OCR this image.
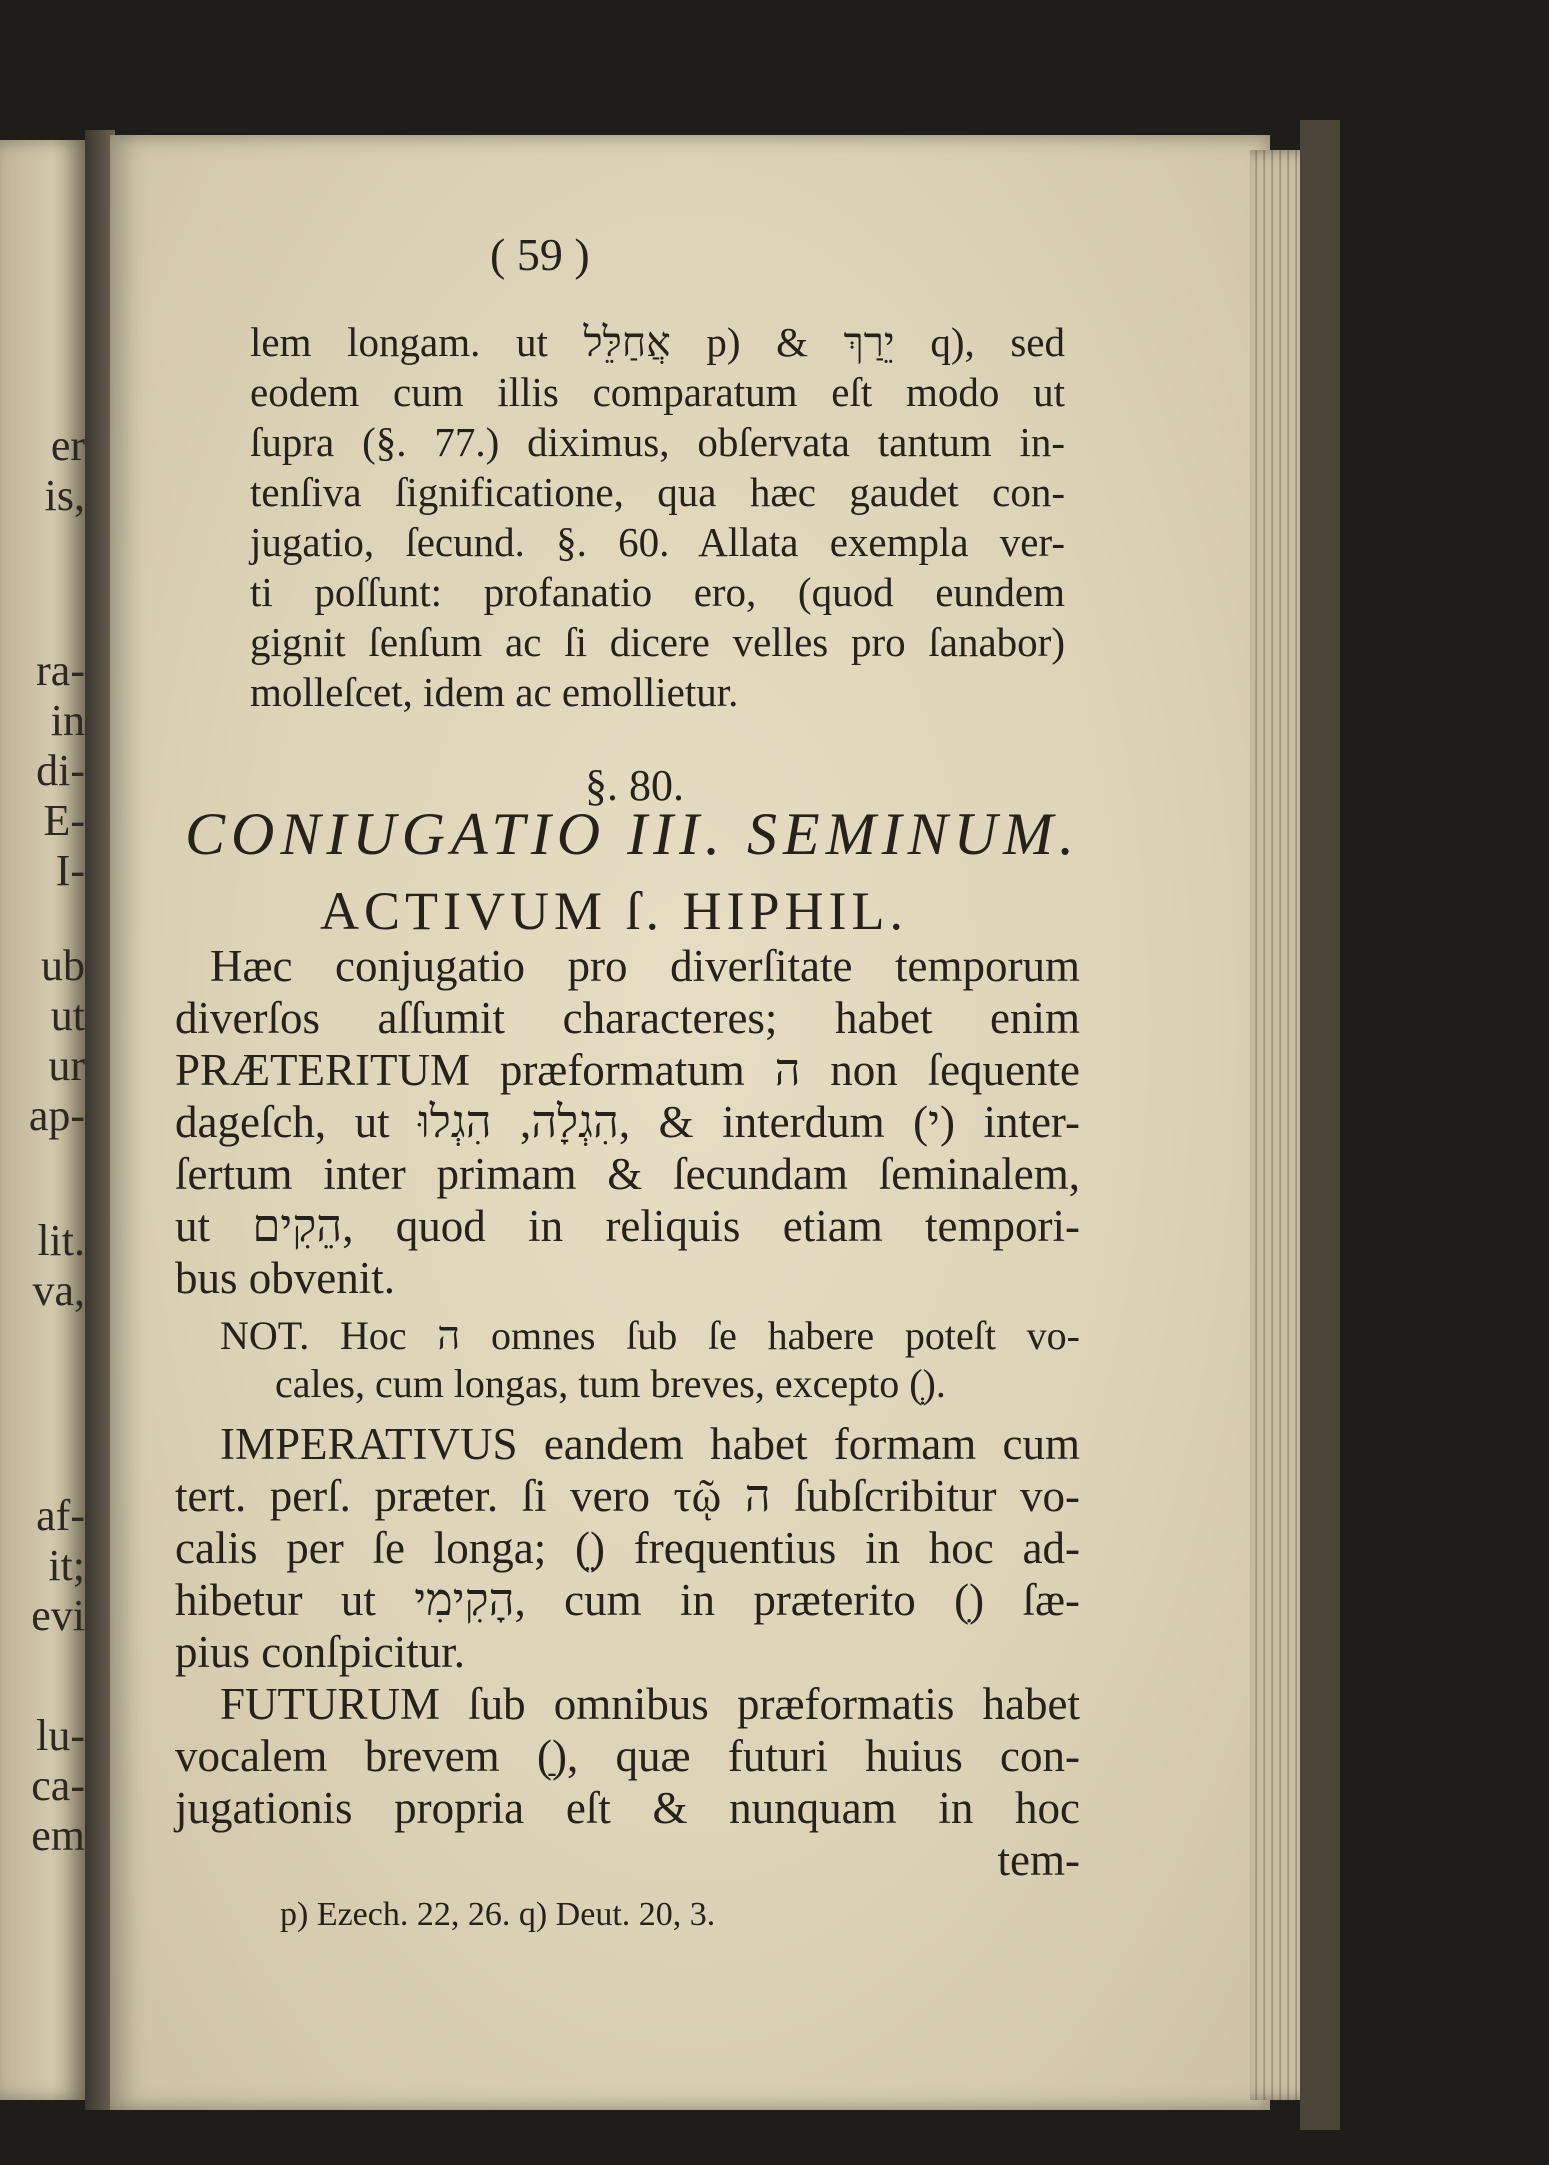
er
is,
ra-
in
di-
E-
I-
ub
ut
ur
ap-
lit.
va,
af-
it;
evi
lu-
ca-
em
( 59 )
lem longam. ut אֲחַלֵּל p) & יֵרַךְ q), sed
eodem cum illis comparatum eſt modo ut
ſupra (§. 77.) diximus, obſervata tantum in-
tenſiva ſignificatione, qua hæc gaudet con-
jugatio, ſecund. §. 60. Allata exempla ver-
ti poſſunt: profanatio ero, (quod eundem
gignit ſenſum ac ſi dicere velles pro ſanabor)
molleſcet, idem ac emollietur.
§. 80.
CONIUGATIO III. SEMINUM.
ACTIVUM ſ. HIPHIL.
Hæc conjugatio pro diverſitate temporum
diverſos aſſumit characteres; habet enim
PRÆTERITUM præformatum ה non ſequente
dageſch, ut הִגְלָה, הִגְלוּ, & interdum (י) inter-
ſertum inter primam & ſecundam ſeminalem,
ut הֵקִים, quod in reliquis etiam tempori-
bus obvenit.
NOT. Hoc ה omnes ſub ſe habere poteſt vo-
cales, cum longas, tum breves, excepto (ְ).
IMPERATIVUS eandem habet formam cum
tert. perſ. præter. ſi vero τῷ ה ſubſcribitur vo-
calis per ſe longa; (ֵ) frequentius in hoc ad-
hibetur ut הָקִימִי, cum in præterito (ִ) ſæ-
pius conſpicitur.
FUTURUM ſub omnibus præformatis habet
vocalem brevem (ַ), quæ futuri huius con-
jugationis propria eſt & nunquam in hoc
tem-
p) Ezech. 22, 26. q) Deut. 20, 3.
